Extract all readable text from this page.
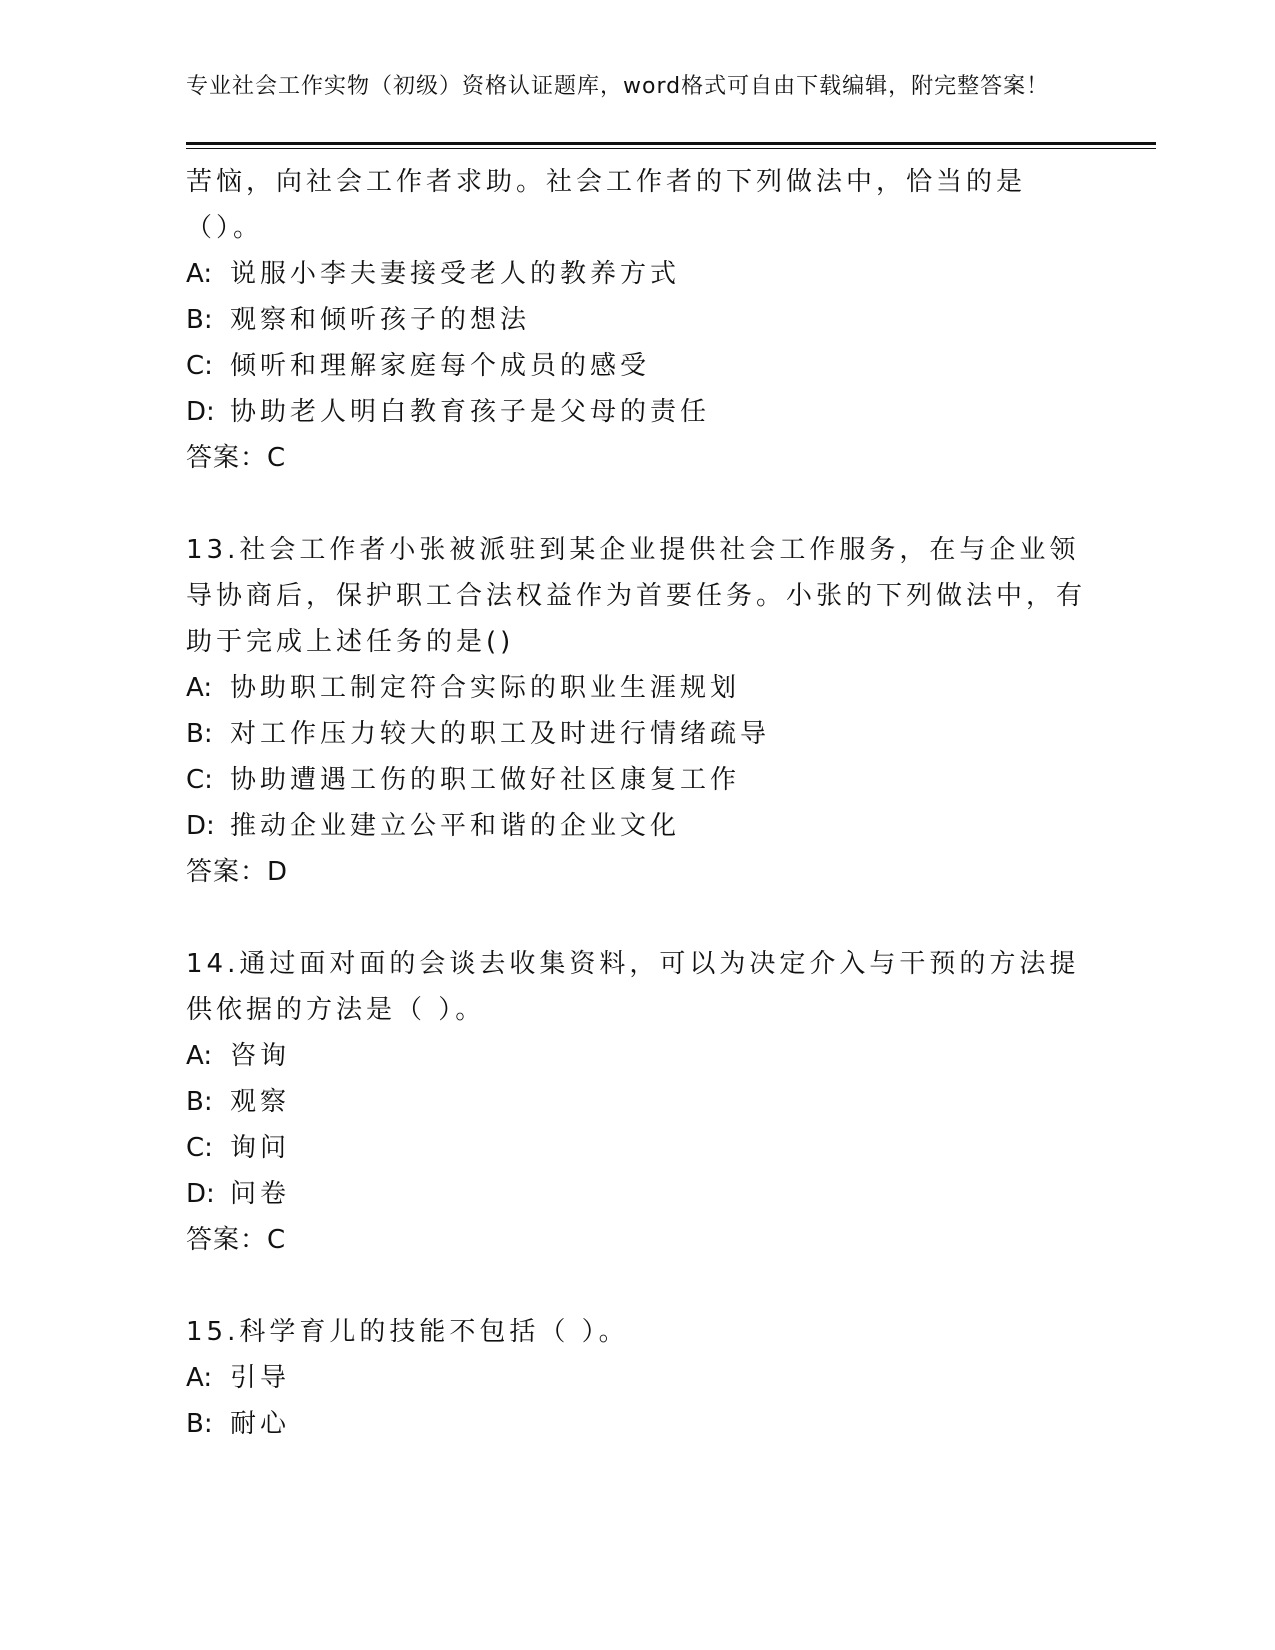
专业社会工作实物（初级）资格认证题库，word格式可自由下载编辑，附完整答案！

苦恼，向社会工作者求助。社会工作者的下列做法中，恰当的是（）。

A: 说服小李夫妻接受老人的教养方式

B: 观察和倾听孩子的想法

C: 倾听和理解家庭每个成员的感受

D: 协助老人明白教育孩子是父母的责任

答案：C

13.社会工作者小张被派驻到某企业提供社会工作服务，在与企业领导协商后，保护职工合法权益作为首要任务。小张的下列做法中，有助于完成上述任务的是()

A: 协助职工制定符合实际的职业生涯规划

B: 对工作压力较大的职工及时进行情绪疏导

C: 协助遭遇工伤的职工做好社区康复工作

D: 推动企业建立公平和谐的企业文化

答案：D

14.通过面对面的会谈去收集资料，可以为决定介入与干预的方法提供依据的方法是（ ）。

A: 咨询

B: 观察

C: 询问

D: 问卷

答案：C

15.科学育儿的技能不包括（ ）。

A: 引导

B: 耐心
